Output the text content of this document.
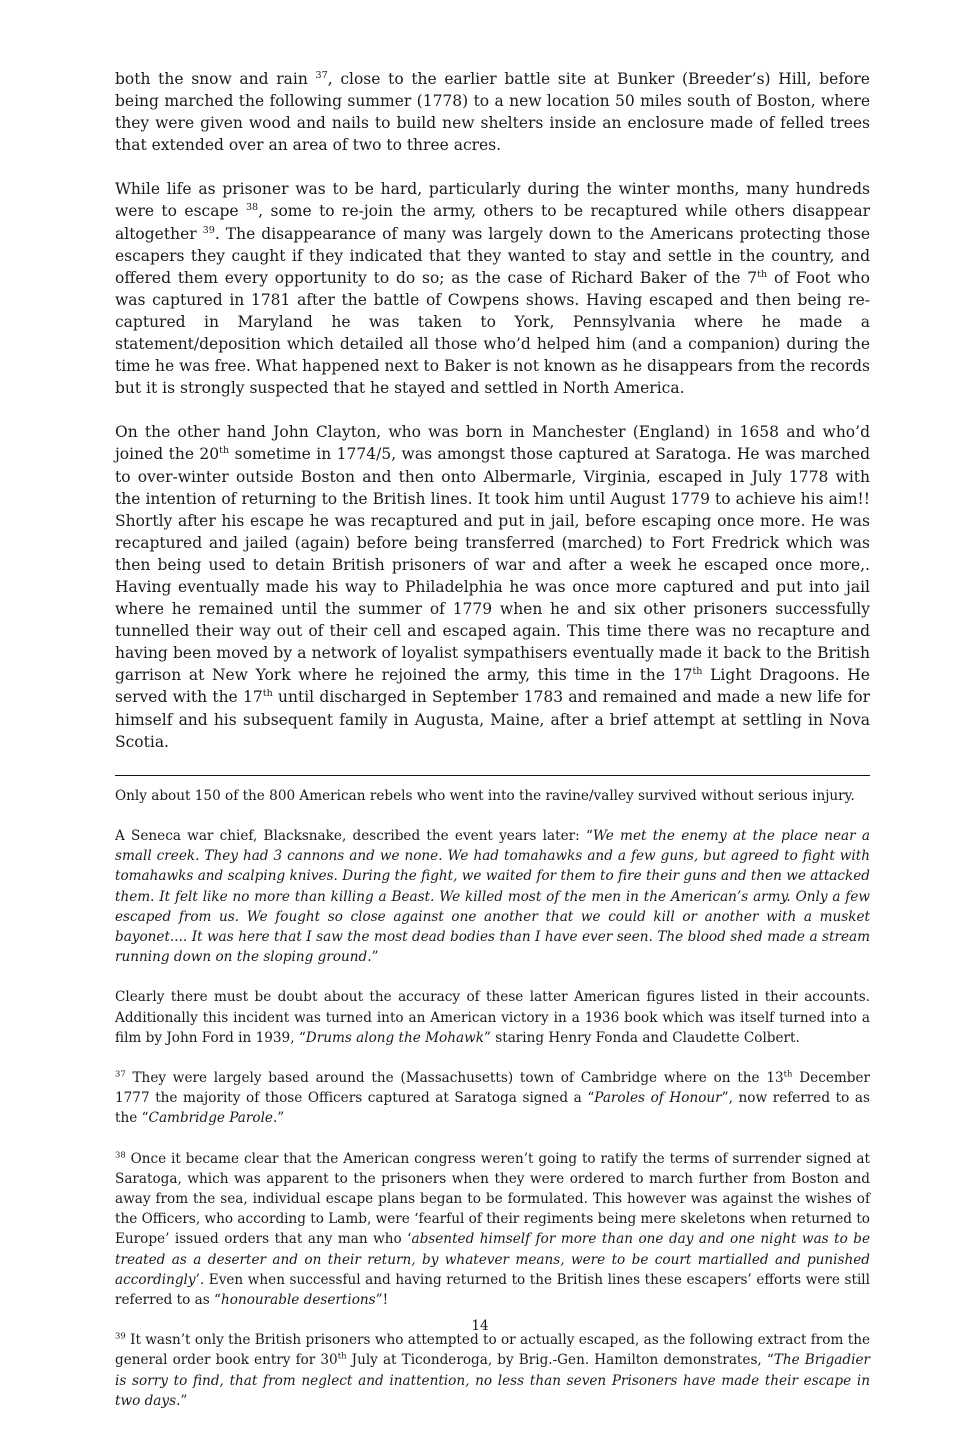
both the snow and rain $^{37}$, close to the earlier battle site at Bunker (Breeder’s) Hill, before being marched the following summer (1778) to a new location 50 miles south of Boston, where they were given wood and nails to build new shelters inside an enclosure made of felled trees that extended over an area of two to three acres.

While life as prisoner was to be hard, particularly during the winter months, many hundreds were to escape $^{38}$, some to re-join the army, others to be recaptured while others disappear altogether $^{39}$. The disappearance of many was largely down to the Americans protecting those escapers they caught if they indicated that they wanted to stay and settle in the country, and offered them every opportunity to do so; as the case of Richard Baker of the 7th of Foot who was captured in 1781 after the battle of Cowpens shows. Having escaped and then being re-captured in Maryland he was taken to York, Pennsylvania where he made a statement/deposition which detailed all those who’d helped him (and a companion) during the time he was free. What happened next to Baker is not known as he disappears from the records but it is strongly suspected that he stayed and settled in North America.

On the other hand John Clayton, who was born in Manchester (England) in 1658 and who’d joined the 20th sometime in 1774/5, was amongst those captured at Saratoga. He was marched to over-winter outside Boston and then onto Albermarle, Virginia, escaped in July 1778 with the intention of returning to the British lines. It took him until August 1779 to achieve his aim!! Shortly after his escape he was recaptured and put in jail, before escaping once more. He was recaptured and jailed (again) before being transferred (marched) to Fort Fredrick which was then being used to detain British prisoners of war and after a week he escaped once more,. Having eventually made his way to Philadelphia he was once more captured and put into jail where he remained until the summer of 1779 when he and six other prisoners successfully tunnelled their way out of their cell and escaped again. This time there was no recapture and having been moved by a network of loyalist sympathisers eventually made it back to the British garrison at New York where he rejoined the army, this time in the 17th Light Dragoons. He served with the 17th until discharged in September 1783 and remained and made a new life for himself and his subsequent family in Augusta, Maine, after a brief attempt at settling in Nova Scotia.

Only about 150 of the 800 American rebels who went into the ravine/valley survived without serious injury.

A Seneca war chief, Blacksnake, described the event years later: “We met the enemy at the place near a small creek. They had 3 cannons and we none. We had tomahawks and a few guns, but agreed to fight with tomahawks and scalping knives. During the fight, we waited for them to fire their guns and then we attacked them. It felt like no more than killing a Beast. We killed most of the men in the American’s army. Only a few escaped from us. We fought so close against one another that we could kill or another with a musket bayonet.... It was here that I saw the most dead bodies than I have ever seen. The blood shed made a stream running down on the sloping ground.”

Clearly there must be doubt about the accuracy of these latter American figures listed in their accounts. Additionally this incident was turned into an American victory in a 1936 book which was itself turned into a film by John Ford in 1939, “Drums along the Mohawk” staring Henry Fonda and Claudette Colbert.

$^{37}$ They were largely based around the (Massachusetts) town of Cambridge where on the 13th December 1777 the majority of those Officers captured at Saratoga signed a “Paroles of Honour”, now referred to as the “Cambridge Parole.”

$^{38}$ Once it became clear that the American congress weren’t going to ratify the terms of surrender signed at Saratoga, which was apparent to the prisoners when they were ordered to march further from Boston and away from the sea, individual escape plans began to be formulated. This however was against the wishes of the Officers, who according to Lamb, were ‘fearful of their regiments being mere skeletons when returned to Europe’ issued orders that any man who ‘absented himself for more than one day and one night was to be treated as a deserter and on their return, by whatever means, were to be court martialled and punished accordingly’. Even when successful and having returned to the British lines these escapers’ efforts were still referred to as “honourable desertions”!

$^{39}$ It wasn’t only the British prisoners who attempted to or actually escaped, as the following extract from the general order book entry for 30th July at Ticonderoga, by Brig.-Gen. Hamilton demonstrates, “The Brigadier is sorry to find, that from neglect and inattention, no less than seven Prisoners have made their escape in two days.”

14
